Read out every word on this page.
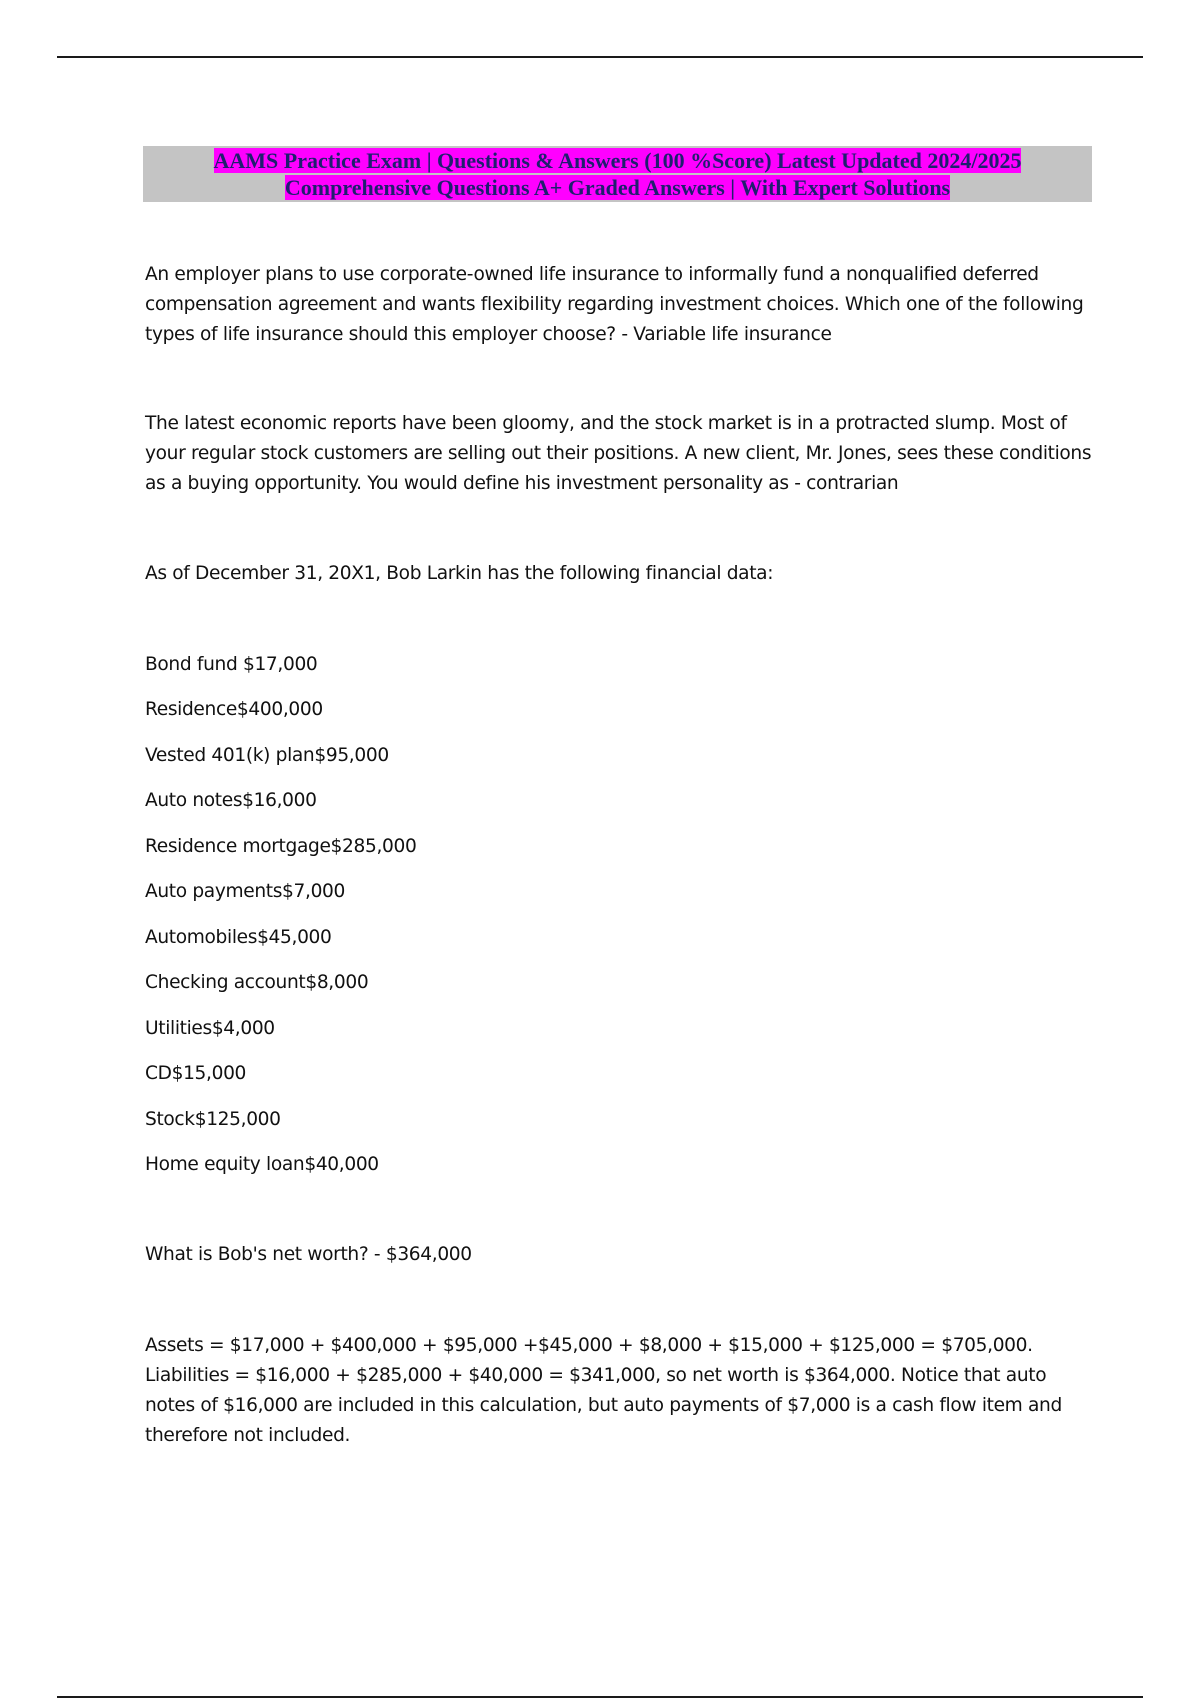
AAMS Practice Exam | Questions & Answers (100 %Score) Latest Updated 2024/2025
Comprehensive Questions A+ Graded Answers | With Expert Solutions

An employer plans to use corporate-owned life insurance to informally fund a nonqualified deferred compensation agreement and wants flexibility regarding investment choices. Which one of the following types of life insurance should this employer choose? - Variable life insurance

The latest economic reports have been gloomy, and the stock market is in a protracted slump. Most of your regular stock customers are selling out their positions. A new client, Mr. Jones, sees these conditions as a buying opportunity. You would define his investment personality as - contrarian

As of December 31, 20X1, Bob Larkin has the following financial data:

Bond fund $17,000

Residence$400,000

Vested 401(k) plan$95,000

Auto notes$16,000

Residence mortgage$285,000

Auto payments$7,000

Automobiles$45,000

Checking account$8,000

Utilities$4,000

CD$15,000

Stock$125,000

Home equity loan$40,000

What is Bob's net worth? - $364,000

Assets = $17,000 + $400,000 + $95,000 +$45,000 + $8,000 + $15,000 + $125,000 = $705,000. Liabilities = $16,000 + $285,000 + $40,000 = $341,000, so net worth is $364,000. Notice that auto notes of $16,000 are included in this calculation, but auto payments of $7,000 is a cash flow item and therefore not included.
